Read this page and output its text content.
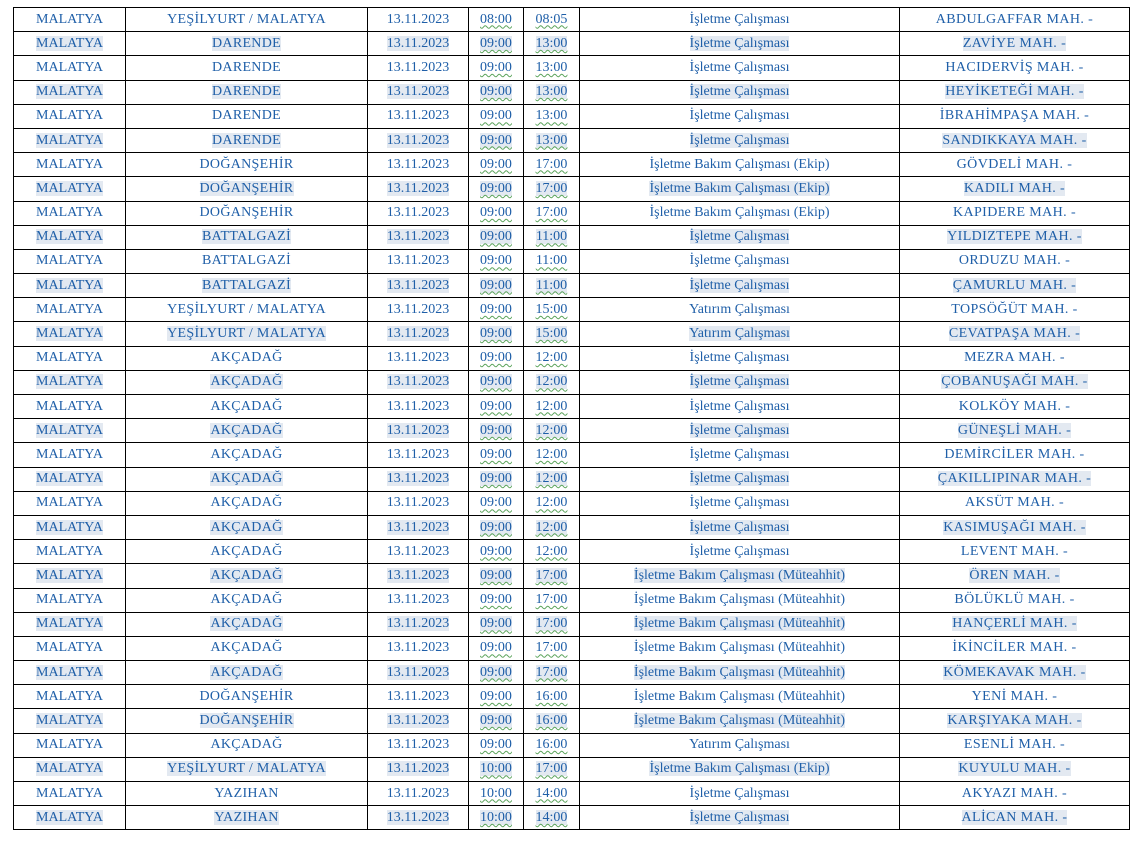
MALATYA	YEŞİLYURT / MALATYA	13.11.2023	08:00	08:05	İşletme Çalışması	ABDULGAFFAR MAH. -
MALATYA	DARENDE	13.11.2023	09:00	13:00	İşletme Çalışması	ZAVİYE MAH. -
MALATYA	DARENDE	13.11.2023	09:00	13:00	İşletme Çalışması	HACIDERVİŞ MAH. -
MALATYA	DARENDE	13.11.2023	09:00	13:00	İşletme Çalışması	HEYİKETEĞİ MAH. -
MALATYA	DARENDE	13.11.2023	09:00	13:00	İşletme Çalışması	İBRAHİMPAŞA MAH. -
MALATYA	DARENDE	13.11.2023	09:00	13:00	İşletme Çalışması	SANDIKKAYA MAH. -
MALATYA	DOĞANŞEHİR	13.11.2023	09:00	17:00	İşletme Bakım Çalışması (Ekip)	GÖVDELİ MAH. -
MALATYA	DOĞANŞEHİR	13.11.2023	09:00	17:00	İşletme Bakım Çalışması (Ekip)	KADILI MAH. -
MALATYA	DOĞANŞEHİR	13.11.2023	09:00	17:00	İşletme Bakım Çalışması (Ekip)	KAPIDERE MAH. -
MALATYA	BATTALGAZİ	13.11.2023	09:00	11:00	İşletme Çalışması	YILDIZTEPE MAH. -
MALATYA	BATTALGAZİ	13.11.2023	09:00	11:00	İşletme Çalışması	ORDUZU MAH. -
MALATYA	BATTALGAZİ	13.11.2023	09:00	11:00	İşletme Çalışması	ÇAMURLU MAH. -
MALATYA	YEŞİLYURT / MALATYA	13.11.2023	09:00	15:00	Yatırım Çalışması	TOPSÖĞÜT MAH. -
MALATYA	YEŞİLYURT / MALATYA	13.11.2023	09:00	15:00	Yatırım Çalışması	CEVATPAŞA MAH. -
MALATYA	AKÇADAĞ	13.11.2023	09:00	12:00	İşletme Çalışması	MEZRA MAH. -
MALATYA	AKÇADAĞ	13.11.2023	09:00	12:00	İşletme Çalışması	ÇOBANUŞAĞI MAH. -
MALATYA	AKÇADAĞ	13.11.2023	09:00	12:00	İşletme Çalışması	KOLKÖY MAH. -
MALATYA	AKÇADAĞ	13.11.2023	09:00	12:00	İşletme Çalışması	GÜNEŞLİ MAH. -
MALATYA	AKÇADAĞ	13.11.2023	09:00	12:00	İşletme Çalışması	DEMİRCİLER MAH. -
MALATYA	AKÇADAĞ	13.11.2023	09:00	12:00	İşletme Çalışması	ÇAKILLIPINAR MAH. -
MALATYA	AKÇADAĞ	13.11.2023	09:00	12:00	İşletme Çalışması	AKSÜT MAH. -
MALATYA	AKÇADAĞ	13.11.2023	09:00	12:00	İşletme Çalışması	KASIMUŞAĞI MAH. -
MALATYA	AKÇADAĞ	13.11.2023	09:00	12:00	İşletme Çalışması	LEVENT MAH. -
MALATYA	AKÇADAĞ	13.11.2023	09:00	17:00	İşletme Bakım Çalışması (Müteahhit)	ÖREN MAH. -
MALATYA	AKÇADAĞ	13.11.2023	09:00	17:00	İşletme Bakım Çalışması (Müteahhit)	BÖLÜKLÜ MAH. -
MALATYA	AKÇADAĞ	13.11.2023	09:00	17:00	İşletme Bakım Çalışması (Müteahhit)	HANÇERLİ MAH. -
MALATYA	AKÇADAĞ	13.11.2023	09:00	17:00	İşletme Bakım Çalışması (Müteahhit)	İKİNCİLER MAH. -
MALATYA	AKÇADAĞ	13.11.2023	09:00	17:00	İşletme Bakım Çalışması (Müteahhit)	KÖMEKAVAK MAH. -
MALATYA	DOĞANŞEHİR	13.11.2023	09:00	16:00	İşletme Bakım Çalışması (Müteahhit)	YENİ MAH. -
MALATYA	DOĞANŞEHİR	13.11.2023	09:00	16:00	İşletme Bakım Çalışması (Müteahhit)	KARŞIYAKA MAH. -
MALATYA	AKÇADAĞ	13.11.2023	09:00	16:00	Yatırım Çalışması	ESENLİ MAH. -
MALATYA	YEŞİLYURT / MALATYA	13.11.2023	10:00	17:00	İşletme Bakım Çalışması (Ekip)	KUYULU MAH. -
MALATYA	YAZIHAN	13.11.2023	10:00	14:00	İşletme Çalışması	AKYAZI MAH. -
MALATYA	YAZIHAN	13.11.2023	10:00	14:00	İşletme Çalışması	ALİCAN MAH. -
